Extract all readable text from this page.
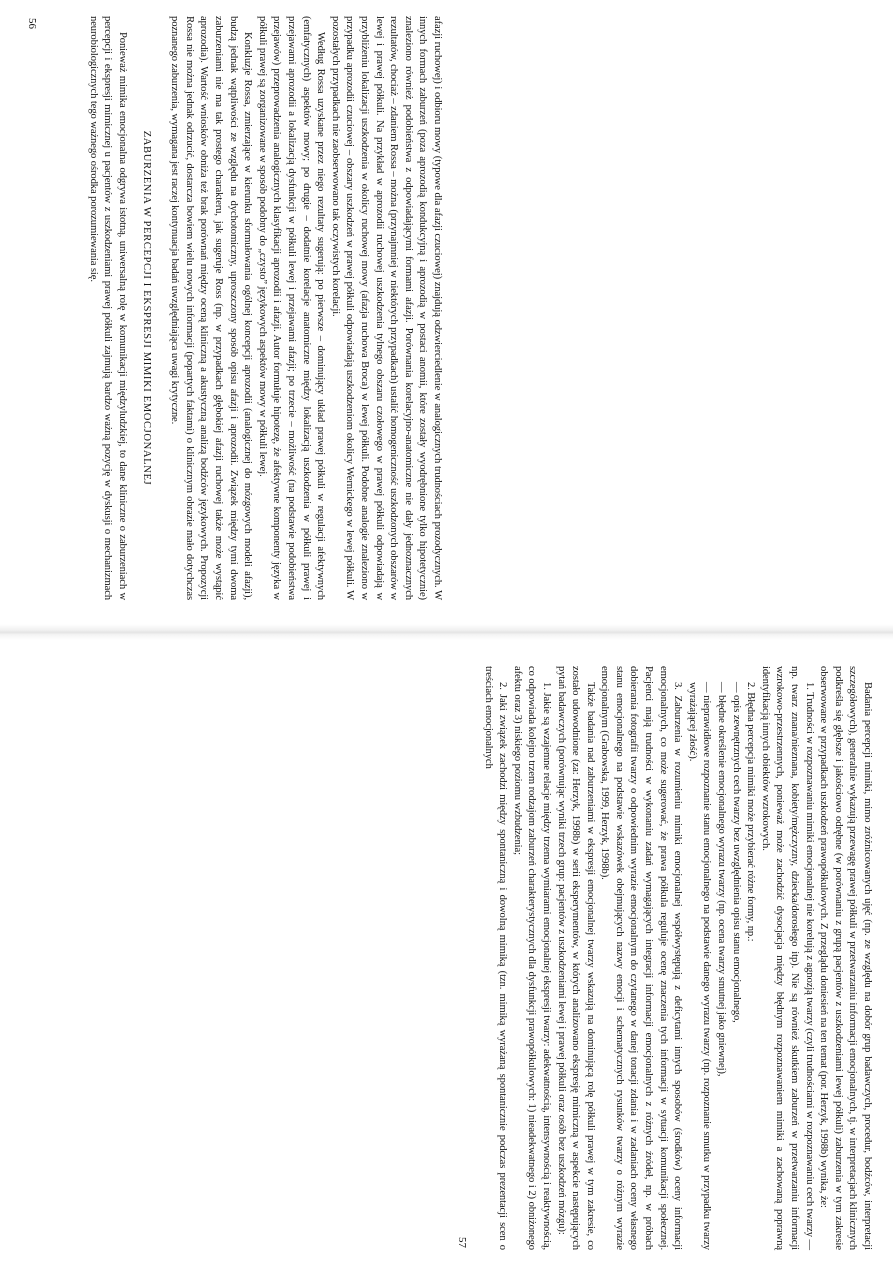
afazji ruchowej) i odbioru mowy (typowe dla afazji czuciowej) znajdują odzwierciedlenie w analogicznych trudnościach prozodycznych. W innych formach zaburzeń (poza aprozodią kondukcyjną i aprozodią w postaci anomii, które zostały wyodrębnione tylko hipotetycznie) znaleziono również podobieństwa z odpowiadającymi formami afazji. Porównania korelacyjno-anatomiczne nie dały jednoznacznych rezultatów, chociaż – zdaniem Rossa – można (przynajmniej w niektórych przypadkach) ustalić homogeniczność uszkodzonych obszarów w lewej i prawej półkuli. Na przykład w aprozodii ruchowej uszkodzenia tylnego obszaru czołowego w prawej półkuli odpowiadają w przybliżeniu lokalizacji uszkodzenia w okolicy ruchowej mowy (afazja ruchowa Broca) w lewej półkuli. Podobne analogie znaleziono w przypadku aprozodii czuciowej – obszary uszkodzeń w prawej półkuli odpowiadają uszkodzeniom okolicy Wernickego w lewej półkuli. W pozostałych przypadkach nie zaobserwowano tak oczywistych korelacji.

Według Rossa uzyskane przez niego rezultaty sugerują: po pierwsze – dominujący układ prawej półkuli w regulacji afektywnych (emfatycznych) aspektów mowy; po drugie – dodatnie korelacje anatomiczne między lokalizacją uszkodzenia w półkuli prawej i przejawami aprozodii a lokalizacją dysfunkcji w półkuli lewej i przejawami afazji; po trzecie – możliwość (na podstawie podobieństwa przejawów) przeprowadzenia analogicznych klasyfikacji aprozodii i afazji. Autor formułuje hipotezę, że afektywne komponenty języka w półkuli prawej są zorganizowane w sposób podobny do „czysto” językowych aspektów mowy w półkuli lewej.

Konkluzje Rossa, zmierzające w kierunku sformułowania ogólnej koncepcji aprozodii (analogicznej do mózgowych modeli afazji), budzą jednak wątpliwości ze względu na dychotomiczny, uproszczony sposób opisu afazji i aprozodii. Związek między tymi dwoma zaburzeniami nie ma tak prostego charakteru, jak sugeruje Ross (np. w przypadkach głębokiej afazji ruchowej także może wystąpić aprozodia). Wartość wniosków obniża też brak porównań między oceną kliniczną a akustyczną analizą bodźców językowych. Propozycji Rossa nie można jednak odrzucić, dostarcza bowiem wielu nowych informacji (popartych faktami) o klinicznym obrazie mało dotychczas poznanego zaburzenia, wymagana jest raczej kontynuacja badań uwzględniająca uwagi krytyczne.

ZABURZENIA W PERCEPCJI I EKSPRESJI MIMIKI EMOCJONALNEJ

Ponieważ mimika emocjonalna odgrywa istotną, uniwersalną rolę w komunikacji międzyludzkiej, to dane kliniczne o zaburzeniach w percepcji i ekspresji mimicznej u pacjentów z uszkodzeniami prawej półkuli zajmują bardzo ważną pozycję w dyskusji o mechanizmach neurobiologicznych tego ważnego ośrodka porozumiewania się.

56

Badania percepcji mimiki, mimo zróżnicowanych ujęć (np. ze względu na dobór grup badawczych, procedur, bodźców, interpretacji szczegółowych), generalnie wykazują przewagę prawej półkuli w przetwarzaniu informacji emocjonalnych, tj. w interpretacjach klinicznych podkreśla się głębsze i jakościowo odrębne (w porównaniu z grupą pacjentów z uszkodzeniami lewej półkuli) zaburzenia w tym zakresie obserwowane w przypadkach uszkodzeń prawopółkulowych. Z przeglądu doniesień na ten temat (por. Herzyk, 1998b) wynika, że:

1. Trudności w rozpoznawaniu mimiki emocjonalnej nie korelują z agnozją twarzy (czyli trudnościami w rozpoznawaniu cech twarzy — np. twarz znana/nieznana, kobiety/mężczyzny, dziecka/dorosłego itp). Nie są również skutkiem zaburzeń w przetwarzaniu informacji wzrokowo-przestrzennych, ponieważ może zachodzić dysocjacja między błędnym rozpoznawaniem mimiki a zachowaną poprawną identyfikacją innych obiektów wzrokowych.

2. Błędna percepcja mimiki może przybierać różne formy, np.:

— opis zewnętrznych cech twarzy bez uwzględnienia opisu stanu emocjonalnego,

— błędne określenie emocjonalnego wyrazu twarzy (np. ocena twarzy smutnej jako gniewnej),

— nieprawidłowe rozpoznanie stanu emocjonalnego na podstawie danego wyrazu twarzy (np. rozpoznanie smutku w przypadku twarzy wyrażającej złość).

3. Zaburzenia w rozumieniu mimiki emocjonalnej współwystępują z deficytami innych sposobów (środków) oceny informacji emocjonalnych, co może sugerować, że prawa półkula reguluje ocenę znaczenia tych informacji w sytuacji komunikacji społecznej. Pacjenci mają trudności w wykonaniu zadań wymagających integracji informacji emocjonalnych z różnych źródeł, np. w próbach dobierania fotografii twarzy o odpowiednim wyrazie emocjonalnym do czytanego w danej tonacji zdania i w zadaniach oceny własnego stanu emocjonalnego na podstawie wskazówek obejmujących nazwy emocji i schematycznych rysunków twarzy o różnym wyrazie emocjonalnym (Grabowska, 1999, Herzyk, 1998b).

Także badania nad zaburzeniami w ekspresji emocjonalnej twarzy wskazują na dominującą rolę półkuli prawej w tym zakresie, co zostało udowodnione (za: Herzyk, 1998b) w serii eksperymentów, w których analizowano ekspresję mimiczną w aspekcie następujących pytań badawczych (porównując wyniki trzech grup: pacjentów z uszkodzeniami lewej i prawej półkuli oraz osób bez uszkodzeń mózgu):

1. Jakie są wzajemne relacje między trzema wymiarami emocjonalnej ekspresji twarzy: adekwatnością, intensywnością i reaktywnością, co odpowiada kolejno trzem rodzajom zaburzeń charakterystycznych dla dysfunkcji prawopółkulowych: 1) nieadekwatnego i 2) obniżonego afektu oraz 3) niskiego poziomu wzbudzenia;

2. Jaki związek zachodzi między spontaniczną i dowolną mimiką (tzn. mimiką wyrażaną spontanicznie podczas prezentacji scen o treściach emocjonalnych

57
